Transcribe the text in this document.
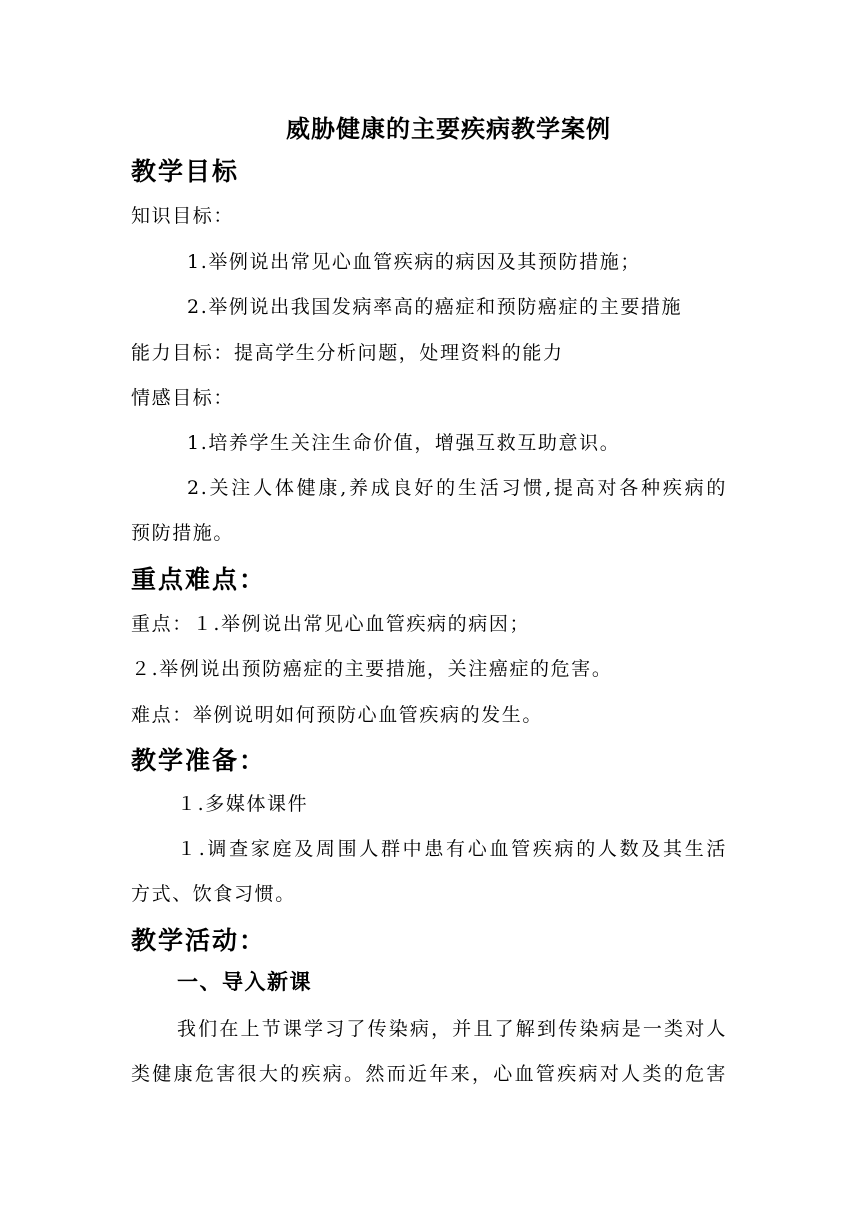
威胁健康的主要疾病教学案例
教学目标
知识目标：
1.举例说出常见心血管疾病的病因及其预防措施；
2.举例说出我国发病率高的癌症和预防癌症的主要措施
能力目标：提高学生分析问题，处理资料的能力
情感目标：
1.培养学生关注生命价值，增强互救互助意识。
2.关注人体健康,养成良好的生活习惯,提高对各种疾病的
预防措施。
重点难点：
重点：１.举例说出常见心血管疾病的病因；
２.举例说出预防癌症的主要措施，关注癌症的危害。
难点：举例说明如何预防心血管疾病的发生。
教学准备：
１.多媒体课件
１.调查家庭及周围人群中患有心血管疾病的人数及其生活
方式、饮食习惯。
教学活动：
一、导入新课
我们在上节课学习了传染病，并且了解到传染病是一类对人
类健康危害很大的疾病。然而近年来，心血管疾病对人类的危害
